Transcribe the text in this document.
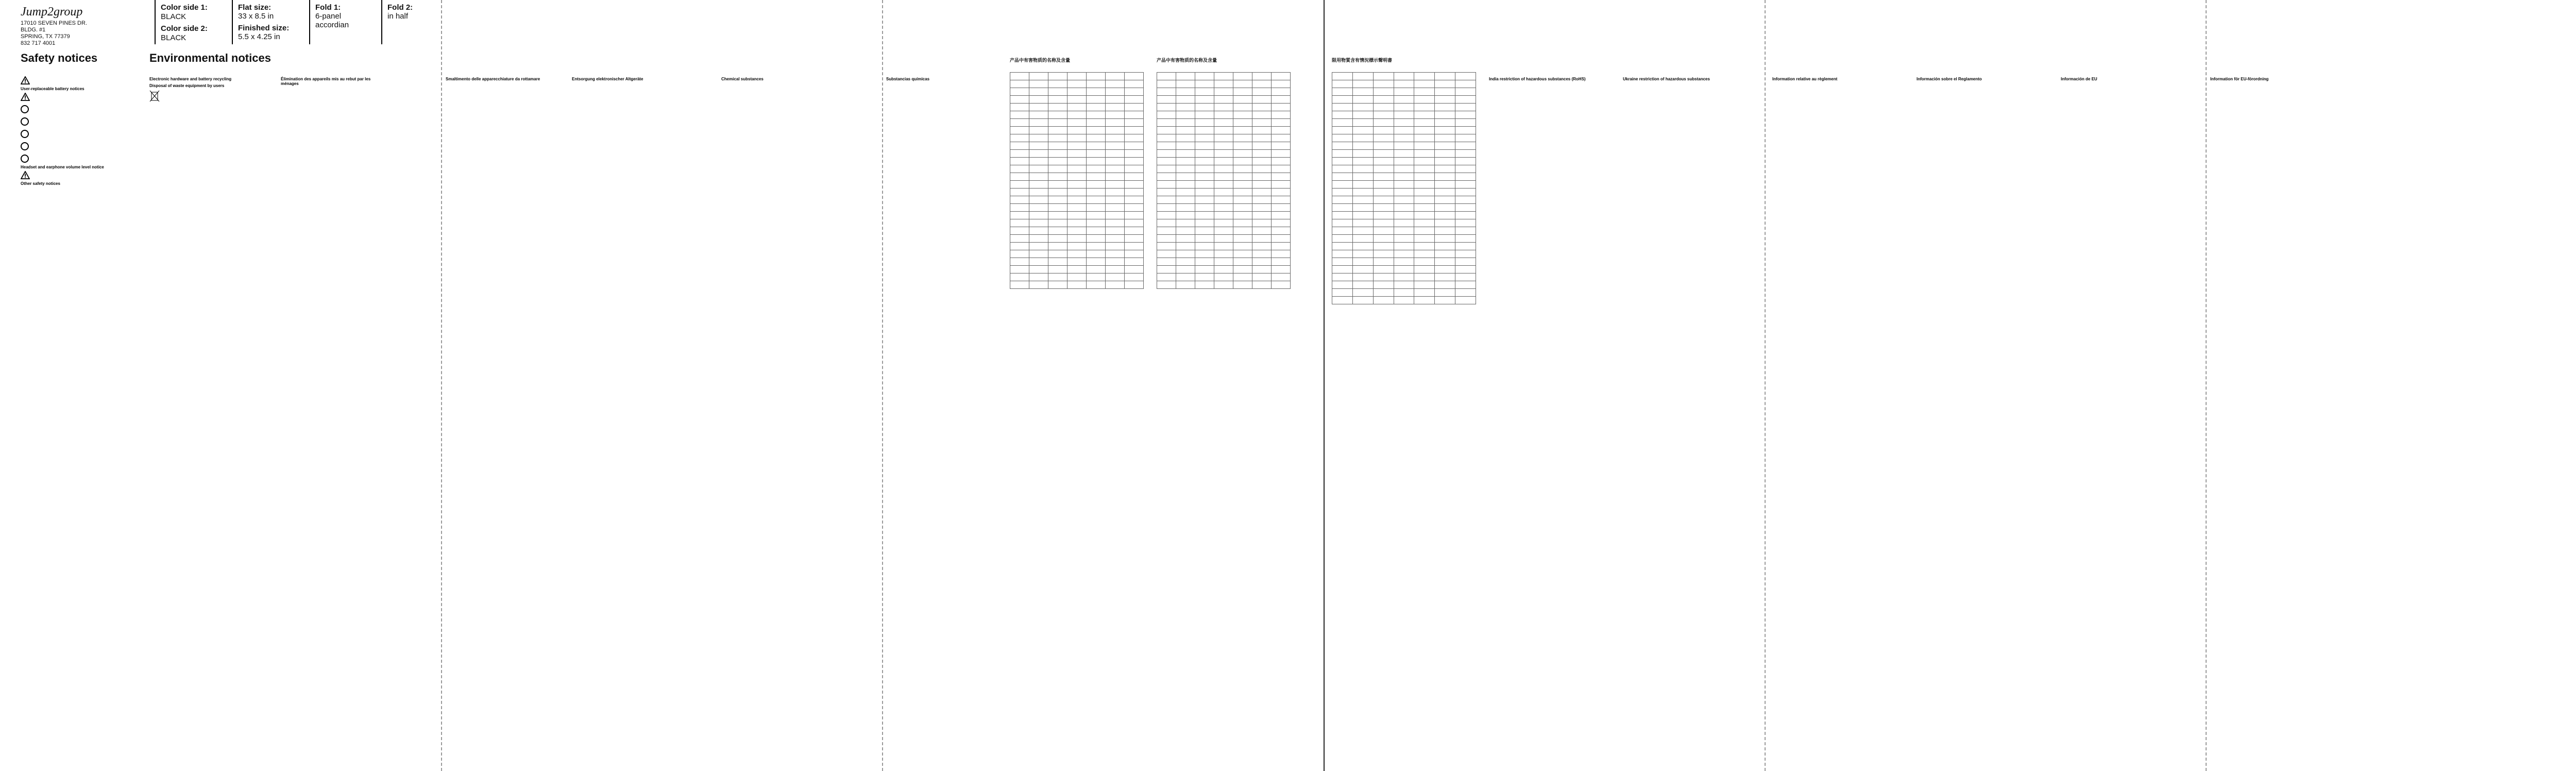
Jump2group
17010 SEVEN PINES DR.
BLDG. #1
SPRING, TX 77379
832 717 4001
Color side 1:
BLACK
Color side 2:
BLACK
Flat size:
33 x 8.5 in
Finished size:
5.5 x 4.25 in
Fold 1:
6-panel accordian
Fold 2:
in half
Safety notices

User-replaceable battery notices
Headset and earphone volume level notice
Other safety notices
Environmental notices
Electronic hardware and battery recycling
Disposal of waste equipment by users
Élimination des appareils mis au rebut par les ménages
Smaltimento delle apparecchiature da rottamare	Entsorgung elektronischer Altgeräte	Chemical substances	Substancias químicas
产品中有害物质的名称及含量

							产品中有害物质的名称及含量

							限用物質含有情況標示聲明書

India restriction of hazardous substances (RoHS)	Ukraine restriction of hazardous substances	Information relative au règlement	Información sobre el Reglamento	Información de EU	Information för EU-förordning
